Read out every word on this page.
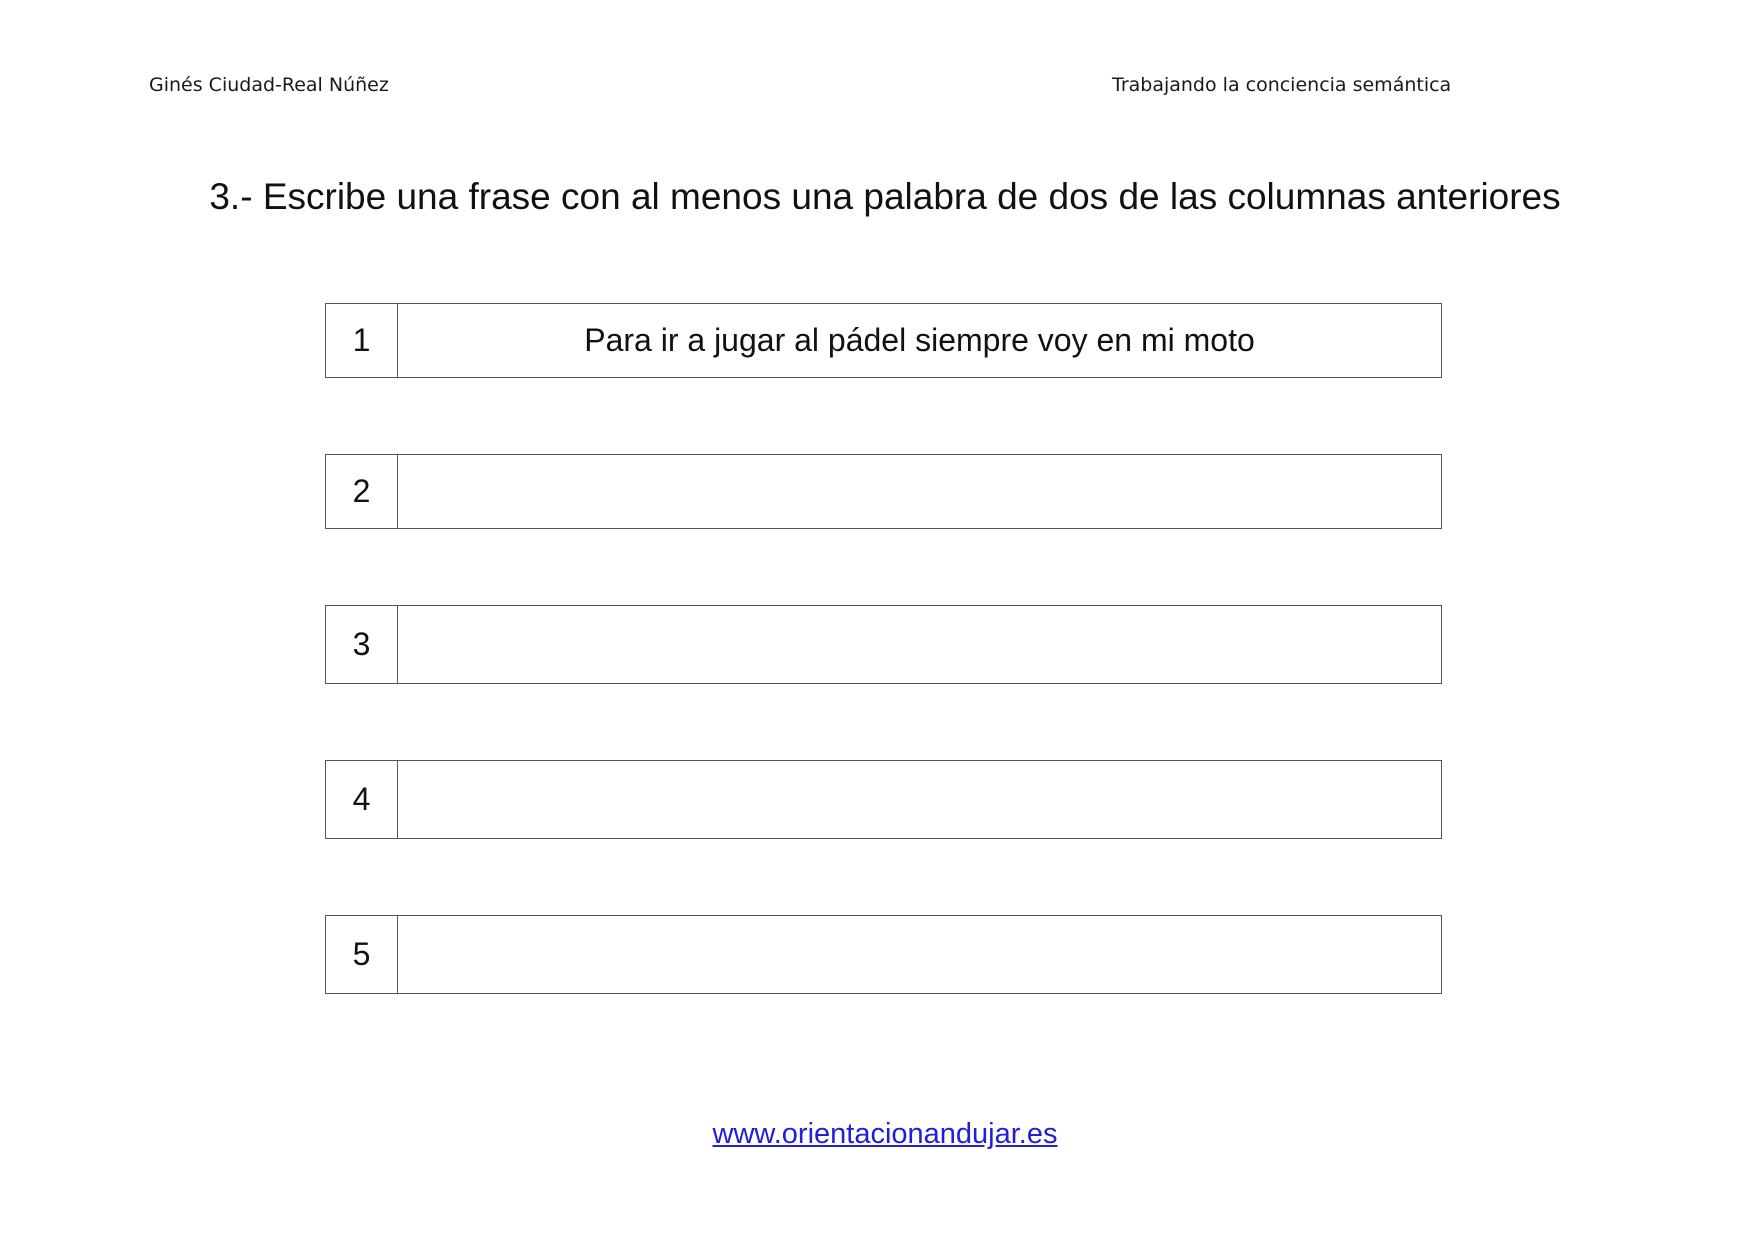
Ginés Ciudad-Real Núñez	Trabajando la conciencia semántica
3.- Escribe una frase con al menos una palabra de dos de las columnas anteriores
1	Para ir a jugar al pádel siempre voy en mi moto
2
3
4
5
www.orientacionandujar.es
